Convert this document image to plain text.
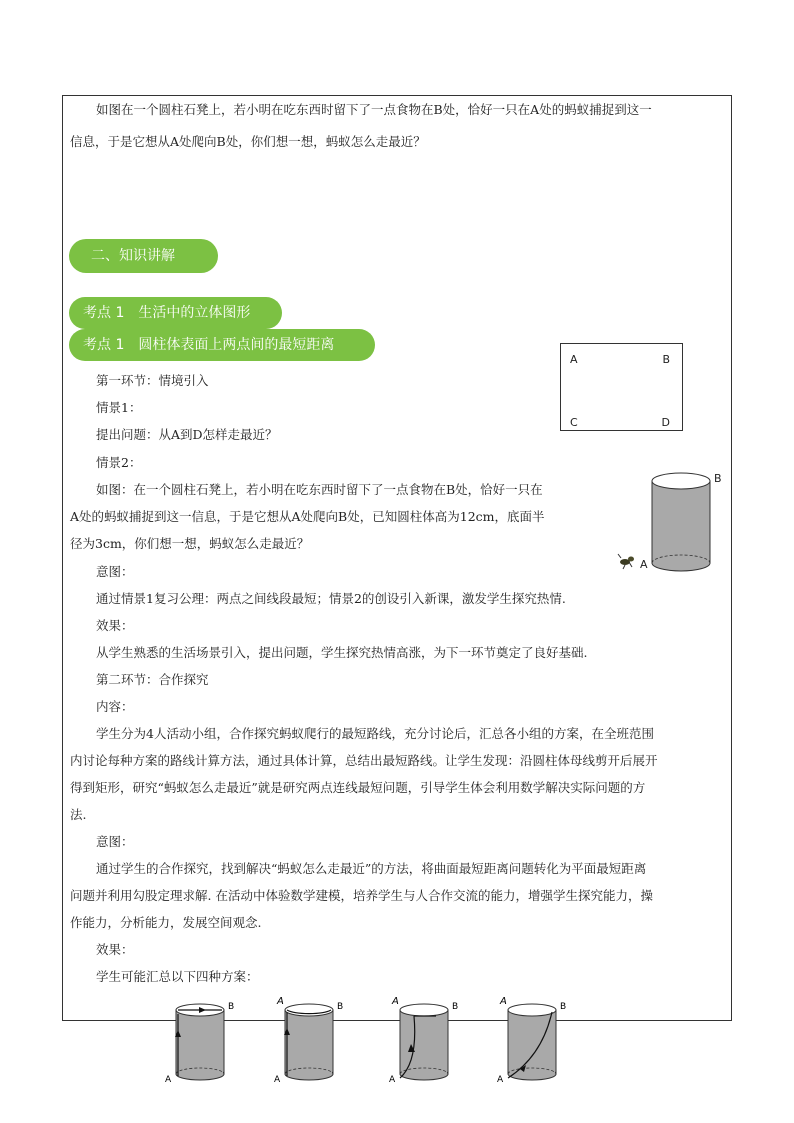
如图在一个圆柱石凳上，若小明在吃东西时留下了一点食物在B处，恰好一只在A处的蚂蚁捕捉到这一
信息，于是它想从A处爬向B处，你们想一想，蚂蚁怎么走最近？
二、知识讲解
考点 1 生活中的立体图形
考点 1 圆柱体表面上两点间的最短距离
A	B
C	D
B
A
第一环节：情境引入
情景1：
提出问题：从A到D怎样走最近？
情景2：
如图：在一个圆柱石凳上，若小明在吃东西时留下了一点食物在B处，恰好一只在
A处的蚂蚁捕捉到这一信息，于是它想从A处爬向B处，已知圆柱体高为12cm，底面半
径为3cm，你们想一想，蚂蚁怎么走最近？
意图：
通过情景1复习公理：两点之间线段最短；情景2的创设引入新课，激发学生探究热情.
效果：
从学生熟悉的生活场景引入，提出问题，学生探究热情高涨，为下一环节奠定了良好基础.
第二环节：合作探究
内容：
学生分为4人活动小组，合作探究蚂蚁爬行的最短路线，充分讨论后，汇总各小组的方案，在全班范围
内讨论每种方案的路线计算方法，通过具体计算，总结出最短路线。让学生发现：沿圆柱体母线剪开后展开
得到矩形，研究“蚂蚁怎么走最近”就是研究两点连线最短问题，引导学生体会利用数学解决实际问题的方
法.
意图：
通过学生的合作探究，找到解决“蚂蚁怎么走最近”的方法，将曲面最短距离问题转化为平面最短距离
问题并利用勾股定理求解. 在活动中体验数学建模，培养学生与人合作交流的能力，增强学生探究能力，操
作能力，分析能力，发展空间观念.
效果：
学生可能汇总以下四种方案：
B
A
B
A
A
B
A
A
B
A
A
